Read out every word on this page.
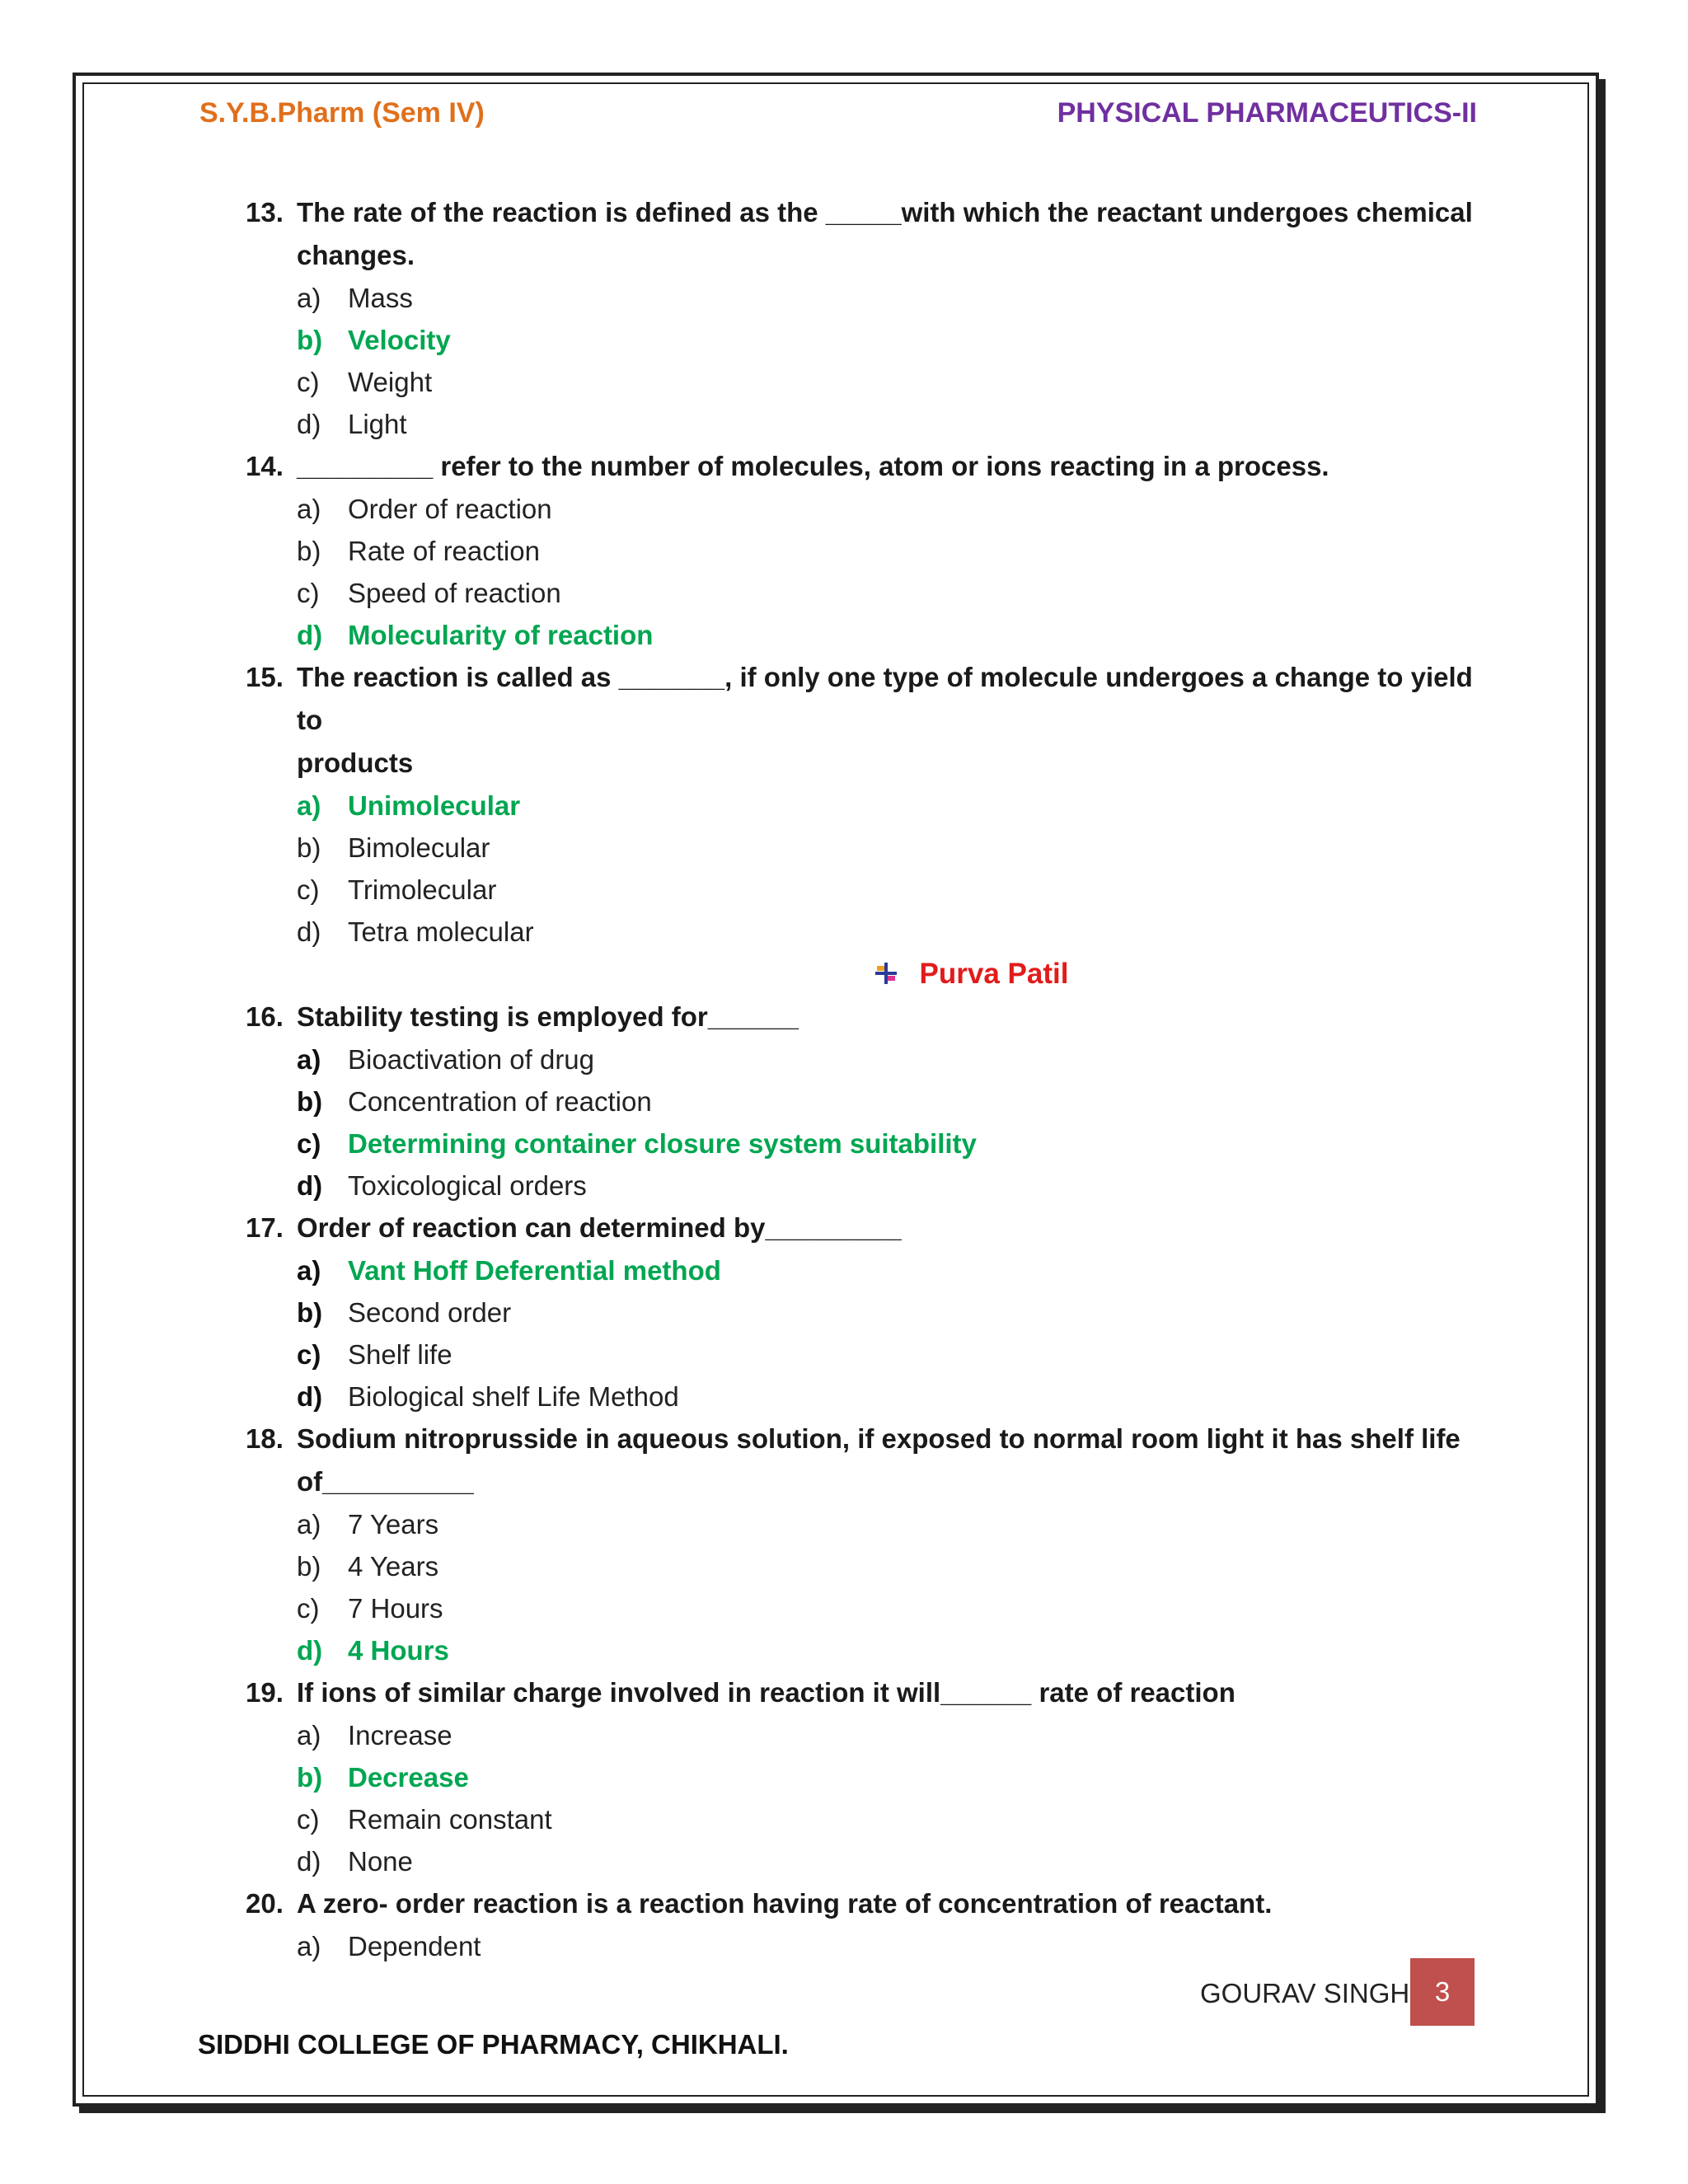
S.Y.B.Pharm (Sem IV)	PHYSICAL PHARMACEUTICS-II
13. The rate of the reaction is defined as the _____with which the reactant undergoes chemical
changes.
a) Mass
b) Velocity
c) Weight
d) Light
14. _________ refer to the number of molecules, atom or ions reacting in a process.
a) Order of reaction
b) Rate of reaction
c) Speed of reaction
d) Molecularity of reaction
15. The reaction is called as _______, if only one type of molecule undergoes a change to yield to
products
a) Unimolecular
b) Bimolecular
c) Trimolecular
d) Tetra molecular
Purva Patil
16. Stability testing is employed for______
a) Bioactivation of drug
b) Concentration of reaction
c) Determining container closure system suitability
d) Toxicological orders
17. Order of reaction can determined by_________
a) Vant Hoff Deferential method
b) Second order
c) Shelf life
d) Biological shelf Life Method
18. Sodium nitroprusside in aqueous solution, if exposed to normal room light it has shelf life
of__________
a) 7 Years
b) 4 Years
c) 7 Hours
d) 4 Hours
19. If ions of similar charge involved in reaction it will______ rate of reaction
a) Increase
b) Decrease
c) Remain constant
d) None
20. A zero- order reaction is a reaction having rate of concentration of reactant.
a) Dependent
GOURAV SINGH 3
SIDDHI COLLEGE OF PHARMACY, CHIKHALI.
